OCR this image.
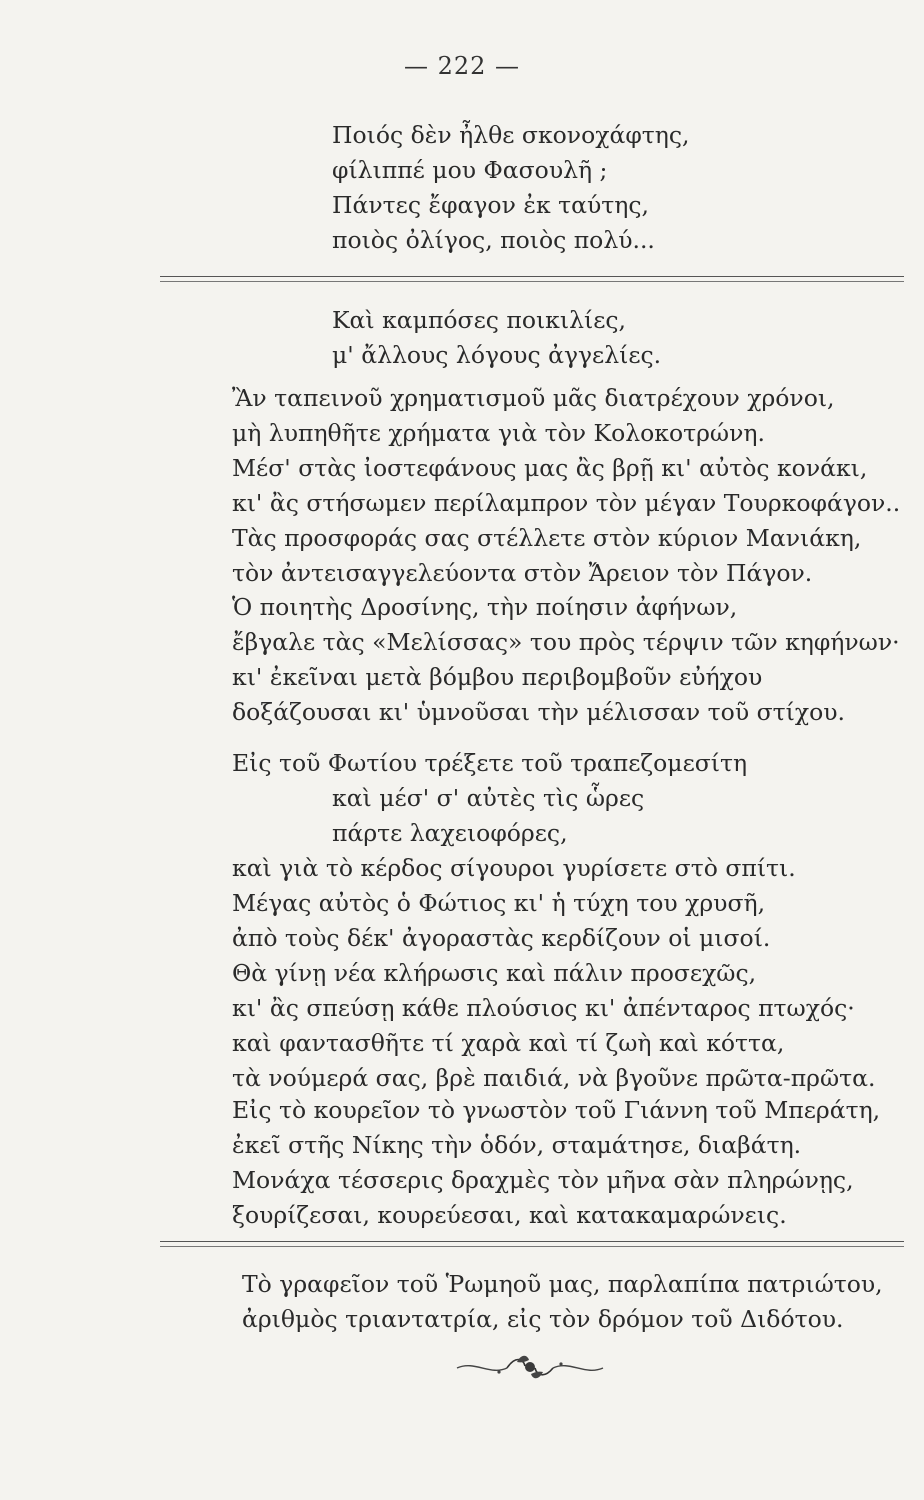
— 222 —
Ποιός δὲν ἦλθε σκονοχάφτης,
φίλιππέ μου Φασουλῆ ;
Πάντες ἔφαγον ἐκ ταύτης,
ποιὸς ὀλίγος, ποιὸς πολύ...
Καὶ καμπόσες ποικιλίες,
μ' ἄλλους λόγους ἀγγελίες.
Ἂν ταπεινοῦ χρηματισμοῦ μᾶς διατρέχουν χρόνοι,
μὴ λυπηθῆτε χρήματα γιὰ τὸν Κολοκοτρώνη.
Μέσ' στὰς ἰοστεφάνους μας ἂς βρῇ κι' αὐτὸς κονάκι,
κι' ἂς στήσωμεν περίλαμπρον τὸν μέγαν Τουρκοφάγον..
Τὰς προσφοράς σας στέλλετε στὸν κύριον Μανιάκη,
τὸν ἀντεισαγγελεύοντα στὸν Ἄρειον τὸν Πάγον.
Ὁ ποιητὴς Δροσίνης, τὴν ποίησιν ἀφήνων,
ἔβγαλε τὰς «Μελίσσας» του πρὸς τέρψιν τῶν κηφήνων·
κι' ἐκεῖναι μετὰ βόμβου περιβομβοῦν εὐήχου
δοξάζουσαι κι' ὑμνοῦσαι τὴν μέλισσαν τοῦ στίχου.
Εἰς τοῦ Φωτίου τρέξετε τοῦ τραπεζομεσίτη
καὶ μέσ' σ' αὐτὲς τὶς ὧρες
πάρτε λαχειοφόρες,
καὶ γιὰ τὸ κέρδος σίγουροι γυρίσετε στὸ σπίτι.
Μέγας αὐτὸς ὁ Φώτιος κι' ἡ τύχη του χρυσῆ,
ἀπὸ τοὺς δέκ' ἀγοραστὰς κερδίζουν οἱ μισοί.
Θὰ γίνῃ νέα κλήρωσις καὶ πάλιν προσεχῶς,
κι' ἂς σπεύσῃ κάθε πλούσιος κι' ἀπένταρος πτωχός·
καὶ φαντασθῆτε τί χαρὰ καὶ τί ζωὴ καὶ κόττα,
τὰ νούμερά σας, βρὲ παιδιά, νὰ βγοῦνε πρῶτα-πρῶτα.
Εἰς τὸ κουρεῖον τὸ γνωστὸν τοῦ Γιάννη τοῦ Μπεράτη,
ἐκεῖ στῆς Νίκης τὴν ὁδόν, σταμάτησε, διαβάτη.
Μονάχα τέσσερις δραχμὲς τὸν μῆνα σὰν πληρώνῃς,
ξουρίζεσαι, κουρεύεσαι, καὶ κατακαμαρώνεις.
Τὸ γραφεῖον τοῦ Ῥωμηοῦ μας, παρλαπίπα πατριώτου,
ἀριθμὸς τριαντατρία, εἰς τὸν δρόμον τοῦ Διδότου.
